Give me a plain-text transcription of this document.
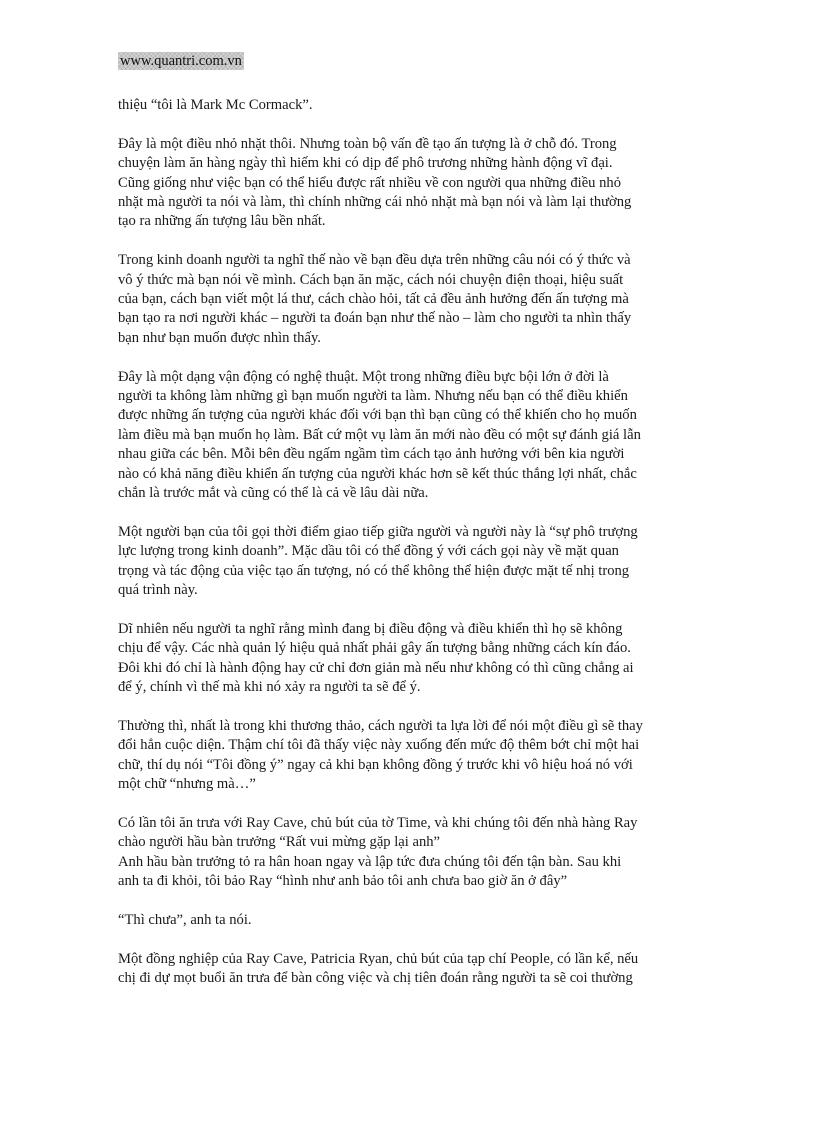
www.quantri.com.vn

thiệu “tôi là Mark Mc Cormack”.

Đây là một điều nhỏ nhặt thôi. Nhưng toàn bộ vấn đề tạo ấn tượng là ở chỗ đó. Trong
chuyện làm ăn hàng ngày thì hiếm khi có dịp để phô trương những hành động vĩ đại.
Cũng giống như việc bạn có thể hiểu được rất nhiều về con người qua những điều nhỏ
nhặt mà người ta nói và làm, thì chính những cái nhỏ nhặt mà bạn nói và làm lại thường
tạo ra những ấn tượng lâu bền nhất.

Trong kinh doanh người ta nghĩ thế nào về bạn đều dựa trên những câu nói có ý thức và
vô ý thức mà bạn nói về mình. Cách bạn ăn mặc, cách nói chuyện điện thoại, hiệu suất
của bạn, cách bạn viết một lá thư, cách chào hỏi, tất cả đều ảnh hưởng đến ấn tượng mà
bạn tạo ra nơi người khác – người ta đoán bạn như thế nào – làm cho người ta nhìn thấy
bạn như bạn muốn được nhìn thấy.

Đây là một dạng vận động có nghệ thuật. Một trong những điều bực bội lớn ở đời là
người ta không làm những gì bạn muốn người ta làm. Nhưng nếu bạn có thể điều khiển
được những ấn tượng của người khác đối với bạn thì bạn cũng có thể khiến cho họ muốn
làm điều mà bạn muốn họ làm. Bất cứ một vụ làm ăn mới nào đều có một sự đánh giá lẫn
nhau giữa các bên. Mỗi bên đều ngấm ngầm tìm cách tạo ảnh hưởng với bên kia người
nào có khả năng điều khiển ấn tượng của người khác hơn sẽ kết thúc thắng lợi nhất, chắc
chắn là trước mắt và cũng có thể là cả về lâu dài nữa.

Một người bạn của tôi gọi thời điểm giao tiếp giữa người và người này là “sự phô trượng
lực lượng trong kinh doanh”. Mặc dầu tôi có thể đồng ý với cách gọi này về mặt quan
trọng và tác động của việc tạo ấn tượng, nó có thể không thể hiện được mặt tế nhị trong
quá trình này.

Dĩ nhiên nếu người ta nghĩ rằng mình đang bị điều động và điều khiển thì họ sẽ không
chịu để vậy. Các nhà quản lý hiệu quả nhất phải gây ấn tượng bằng những cách kín đáo.
Đôi khi đó chỉ là hành động hay cử chỉ đơn giản mà nếu như không có thì cũng chẳng ai
để ý, chính vì thế mà khi nó xảy ra người ta sẽ để ý.

Thường thì, nhất là trong khi thương thảo, cách người ta lựa lời để nói một điều gì sẽ thay
đổi hẳn cuộc diện. Thậm chí tôi đã thấy việc này xuống đến mức độ thêm bớt chỉ một hai
chữ, thí dụ nói “Tôi đồng ý” ngay cả khi bạn không đồng ý trước khi vô hiệu hoá nó với
một chữ “nhưng mà…”

Có lần tôi ăn trưa với Ray Cave, chủ bút của tờ Time, và khi chúng tôi đến nhà hàng Ray
chào người hầu bàn trưởng “Rất vui mừng gặp lại anh”
Anh hầu bàn trưởng tỏ ra hân hoan ngay và lập tức đưa chúng tôi đến tận bàn. Sau khi
anh ta đi khỏi, tôi bảo Ray “hình như anh bảo tôi anh chưa bao giờ ăn ở đây”

“Thì chưa”, anh ta nói.

Một đồng nghiệp của Ray Cave, Patricia Ryan, chủ bút của tạp chí People, có lần kể, nếu
chị đi dự mọt buổi ăn trưa để bàn công việc và chị tiên đoán rằng người ta sẽ coi thường
